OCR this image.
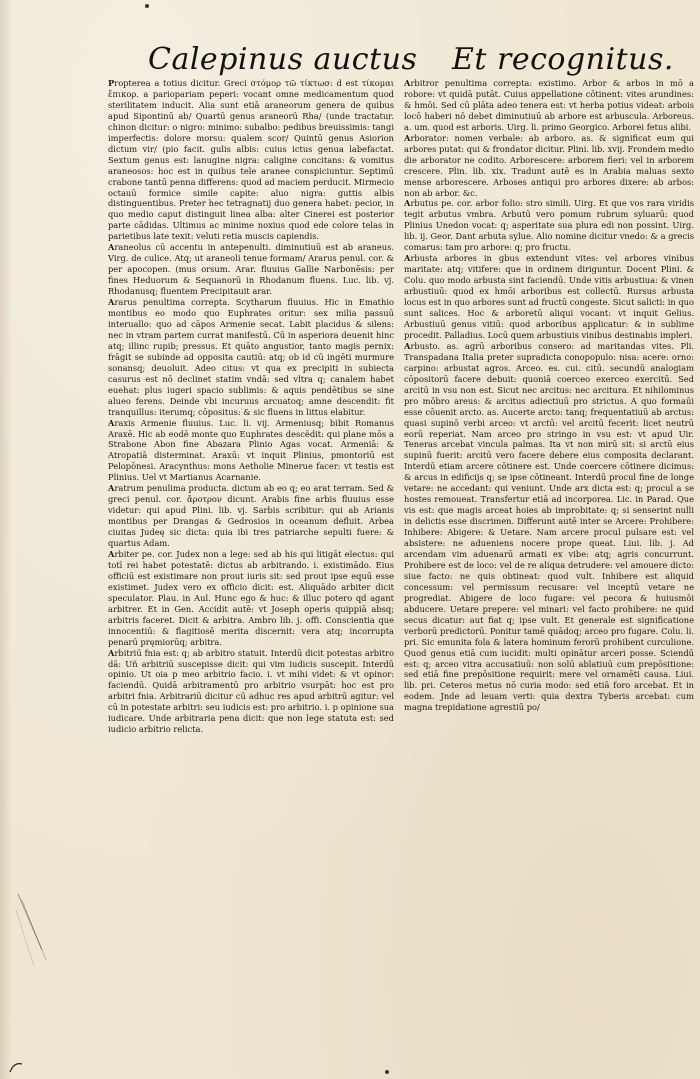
Calepinus auctus Et recognitus.

Propterea a totius dicitur. Greci στόμορ τῶ τίκτωσ: d est τίκομαι ἔπικορ. a pariopariam peperi: vocant omne medicamentum quod sterilitatem inducit. Alia sunt etiā araneorum genera de quibus apud Sipontinū ab/ Quartū genus araneorū Rha/ (unde tractatur. chinon dicitur: o nigro: minimo: subalbo: pedibus breuissimis: tangi imperfectis: dolore morsu: qualem scor/ Quintū genus Asiorion dictum vir/ (pio facit. gulis albis: cuius ictus genua labefactat. Sextum genus est: lanugine nigra: caligine concitans: & vomitus araneosos: hoc est in quibus tele aranee conspiciuntur. Septimū crabone tantū penna differens: quod ad maciem perducit. Mirmecio octauū formice simile capite: aluo nigra: guttis albis distinguentibus. Preter hec tetragnatij duo genera habet: pecior, in quo medio caput distinguit linea alba: alter Cinerei est posterior parte cādidas. Ultimus ac minime noxius quod ede colore telas in parietibus late texit: veluti retia muscis capiendis.

Araneolus cū accentu in antepenulti. diminutiuū est ab araneus. Virg. de culice. Atq; ut araneoli tenue formam/ Ararus penul. cor. & per apocopen. (mus orsum. Arar. fluuius Gallie Narbonēsis: per fines Heduorum & Sequanorū in Rhodanum fluens. Luc. lib. vj. Rhodanusq; fluentem Precipitauit arar.

Ararus penultima correpta. Scytharum fluuius. Hic in Emathio montibus eo modo quo Euphrates oritur: sex milia passuū interuallo: quo ad cāpos Armenie secat. Labit placidus & silens: nec in vtram partem currat manifestū. Cū in asperiora deuenit hinc atq; illinc rupib; pressus. Et quāto angustior, tanto magis pernix: frāgit se subinde ad opposita cautiū: atq; ob id cū ingēti murmure sonansq; deuoluit. Adeo citus: vt qua ex precipiti in subiecta casurus est nō declinet statim vndā: sed vltra q; canalem habet euehat: plus iugeri spacio sublimis: & aquis pendētibus se sine alueo ferens. Deinde vbi incuruus arcuatoq; amne descendit: fit tranquillus: iterumq; cōpositus: & sic fluens in littus elabitur.

Araxis Armenie fluuius. Luc. li. vij. Armeniusq; bibit Romanus Araxē. Hic ab eodē monte quo Euphrates descēdit: qui plane mōs a Strabone Abon fine Abazara Plinio Agas vocat. Armeniā: & Atropatiā disterminat. Araxū: vt inquit Plinius, pmontoriū est Pelopōnesi. Aracynthus: mons Aetholie Minerue facer: vt testis est Plinius. Uel vt Martianus Acarnanie.

Aratrum penulima producta. dictum ab eo q; eo arat terram. Sed & greci penul. cor. ἄροτρον dicunt. Arabis fine arbis fluuius esse videtur: qui apud Plini. lib. vj. Sarbis scribitur: qui ab Arianis montibus per Drangas & Gedrosios in oceanum defluit. Arbea ciuitas Judeę sic dicta: quia ibi tres patriarche sepulti fuere: & quartus Adam.

Arbiter pe. cor. Judex non a lege: sed ab his qui litigāt electus: qui totī rei habet potestatē: dictus ab arbitrando. i. existimādo. Eius officiū est existimare non prout iuris sit: sed prout ipse equū esse existimet. Judex vero ex officio dicit: est. Aliquādo arbiter dicit speculator. Plau. in Aul. Hunc ego & huc: & illuc potero qd agant arbitrer. Et in Gen. Accidit autē: vt Joseph operis quippiā absq; arbitris faceret. Dicit & arbitra. Ambro lib. j. offi. Conscientia que innocentiū: & flagitiosē merita discernit: vera atq; incorrupta penarū pręmiorūq; arbitra.

Arbitriū fnia est: q; ab arbitro statuit. Interdū dicit potestas arbitro dā: Uñ arbitriū suscepisse dicit: qui vim iudicis suscepit. Interdū opinio. Ut oia p meo arbitrio facio. i. vt mihi videt: & vt opinor: faciendū. Quidā arbitramentū pro arbitrio vsurpāt: hoc est pro arbitri fnia. Arbitrariū dicitur cū adhuc res apud arbitrū agitur: vel cū in potestate arbitri: seu iudicis est: pro arbitrio. i. p opinione sua iudicare. Unde arbitraria pena dicit: que non lege statuta est: sed iudicio arbitrio relicta.

Arbitror penultima correpta: existimo. Arbor & arbos in mō a robore: vt quidā putāt. Cuius appellatione cōtinent: vites arundines: & hmōi. Sed cū plāta adeo tenera est: vt herba potius videat: arbois locō haberi nō debet diminutiuū ab arbore est arbuscula. Arboreus. a. um. quod est arboris. Uirg. li. primo Georgico. Arborei fetus alibi.

Arborator: nomen verbale: ab arboro. as. & significat eum qui arbores putat: qui & frondator dicitur. Plini. lib. xvij. Frondem medio die arborator ne codito. Arborescere: arborem fieri: vel in arborem crescere. Plin. lib. xix. Tradunt autē es in Arabia maluas sexto mense arborescere. Arboses antiqui pro arbores dixere: ab arbos: non ab arbor. &c.

Arbutus pe. cor. arbor folio: stro simili. Uirg. Et que vos rara viridis tegit arbutus vmbra. Arbutū vero pomum rubrum syluarū: quod Plinius Unedon vocat: q; asperitate sua plura edi non possint. Uirg. lib. ij. Geor. Dant arbuta sylue. Alio nomine dicitur vnedo: & a grecis comarus: tam pro arbore: q; pro fructu.

Arbusta arbores in gbus extendunt vites: vel arbores vinibus maritate: atq; vitifere: que in ordinem diriguntur. Docent Plini. & Colu. quo modo arbusta sint faciendū. Unde vitis arbustiua: & vinen arbustiuū: quod ex hmōi arboribus est collectū. Rursus arbusta locus est in quo arbores sunt ad fructū congeste. Sicut salicti: in quo sunt salices. Hoc & arboretū aliqui vocant: vt inquit Gelius. Arbustiuū genus vitiū: quod arboribus applicatur: & in sublime procedit. Palladius. Locū quem arbustiuis vinibus destinabis impleri.

Arbusto. as. agrū arboribus consero: ad maritandas vites. Pli. Transpadana Italia preter supradicta conopopulo: nisa: acere: orno: carpino: arbustat agros. Arceo. es. cui. citū. secundū analogiam cōpositorū facere debuit: quoniā coerceo exerceo exercitū. Sed arcitū in vsu non est. Sicut nec arcitus: nec arcitura. Et nihilominus pro mōbro areus: & arcitus adiectiuū pro strictus. A quo formaūi esse cōuenit arcto. as. Aucerte arcto: tanq; frequentatiuū ab arctus: quasi supinō verbi arceo: vt arctū: vel arcitū fecerit: licet neutrū eorū reperiat. Nam arceo pro stringo in vsu est: vt apud Uir. Teneras arcebat vincula palmas. Ita vt non mirū sit: si arctū eius supinū fuerit: arcitū vero facere debere eius composita declarant. Interdū etiam arcere cōtinere est. Unde coercere cōtinere dicimus: & arcus in edificijs q; se ipse cōtineant. Interdū procul fine de longe vetare: ne accedant: qui veniunt. Unde arx dicta est: q; procul a se hostes remoueat. Transfertur etiā ad incorporea. Lic. in Parad. Que vis est: que magis arceat hoies ab improbitate: q; si senserint nulli in delictis esse discrimen. Differunt autē inter se Arcere: Prohibere: Inhibere: Abigere: & Uetare. Nam arcere procul pulsare est: vel absistere: ne adueniens nocere prope queat. Liui. lib. j. Ad arcendam vim aduenarū armati ex vibe: atq; agris concurrunt. Prohibere est de loco: vel de re aliqua detrudere: vel amouere dicto: siue facto: ne quis obtineat: quod vult. Inhibere est aliquid concessum: vel permissum recusare: vel inceptū vetare ne progrediat. Abigere de loco fugare: vel pecora & huiusmōi abducere. Uetare prepere: vel minari: vel facto prohibere: ne quid secus dicatur: aut fiat q; ipse vult. Et generale est significatione verborū predictorū. Ponitur tamē quādoq; arceo pro fugare. Colu. li. pri. Sic emunita fola & latera hominum ferorū prohibent curculione. Quod genus etiā cum iucidit: multi opinātur arceri posse. Sciendū est: q; arceo vitra accusatiuū: non solū ablatiuū cum prepōsitione: sed etiā fine prepōsitione requirit: mere vel ornamēti causa. Liui. lib. pri. Ceteros metus nō curia modo: sed etiā foro arcebat. Et in eodem. Jnde ad leuam verti: quia dextra Tyberis arcebat: cum magna trepidatione agrestiū po/
